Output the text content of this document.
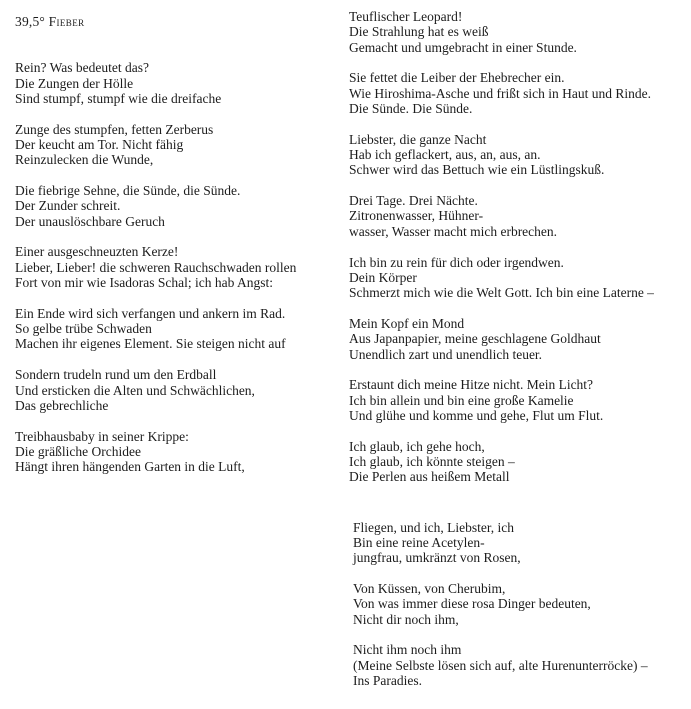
39,5° Fieber
Rein? Was bedeutet das?
Die Zungen der Hölle
Sind stumpf, stumpf wie die dreifache
Zunge des stumpfen, fetten Zerberus
Der keucht am Tor. Nicht fähig
Reinzulecken die Wunde,
Die fiebrige Sehne, die Sünde, die Sünde.
Der Zunder schreit.
Der unauslöschbare Geruch
Einer ausgeschneuzten Kerze!
Lieber, Lieber! die schweren Rauchschwaden rollen
Fort von mir wie Isadoras Schal; ich hab Angst:
Ein Ende wird sich verfangen und ankern im Rad.
So gelbe trübe Schwaden
Machen ihr eigenes Element. Sie steigen nicht auf
Sondern trudeln rund um den Erdball
Und ersticken die Alten und Schwächlichen,
Das gebrechliche
Treibhausbaby in seiner Krippe:
Die gräßliche Orchidee
Hängt ihren hängenden Garten in die Luft,
Teuflischer Leopard!
Die Strahlung hat es weiß
Gemacht und umgebracht in einer Stunde.
Sie fettet die Leiber der Ehebrecher ein.
Wie Hiroshima-Asche und frißt sich in Haut und Rinde.
Die Sünde. Die Sünde.
Liebster, die ganze Nacht
Hab ich geflackert, aus, an, aus, an.
Schwer wird das Bettuch wie ein Lüstlingskuß.
Drei Tage. Drei Nächte.
Zitronenwasser, Hühner-
wasser, Wasser macht mich erbrechen.
Ich bin zu rein für dich oder irgendwen.
Dein Körper
Schmerzt mich wie die Welt Gott. Ich bin eine Laterne –
Mein Kopf ein Mond
Aus Japanpapier, meine geschlagene Goldhaut
Unendlich zart und unendlich teuer.
Erstaunt dich meine Hitze nicht. Mein Licht?
Ich bin allein und bin eine große Kamelie
Und glühe und komme und gehe, Flut um Flut.
Ich glaub, ich gehe hoch,
Ich glaub, ich könnte steigen –
Die Perlen aus heißem Metall
Fliegen, und ich, Liebster, ich
Bin eine reine Acetylen-
jungfrau, umkränzt von Rosen,
Von Küssen, von Cherubim,
Von was immer diese rosa Dinger bedeuten,
Nicht dir noch ihm,
Nicht ihm noch ihm
(Meine Selbste lösen sich auf, alte Hurenunterröcke) –
Ins Paradies.
